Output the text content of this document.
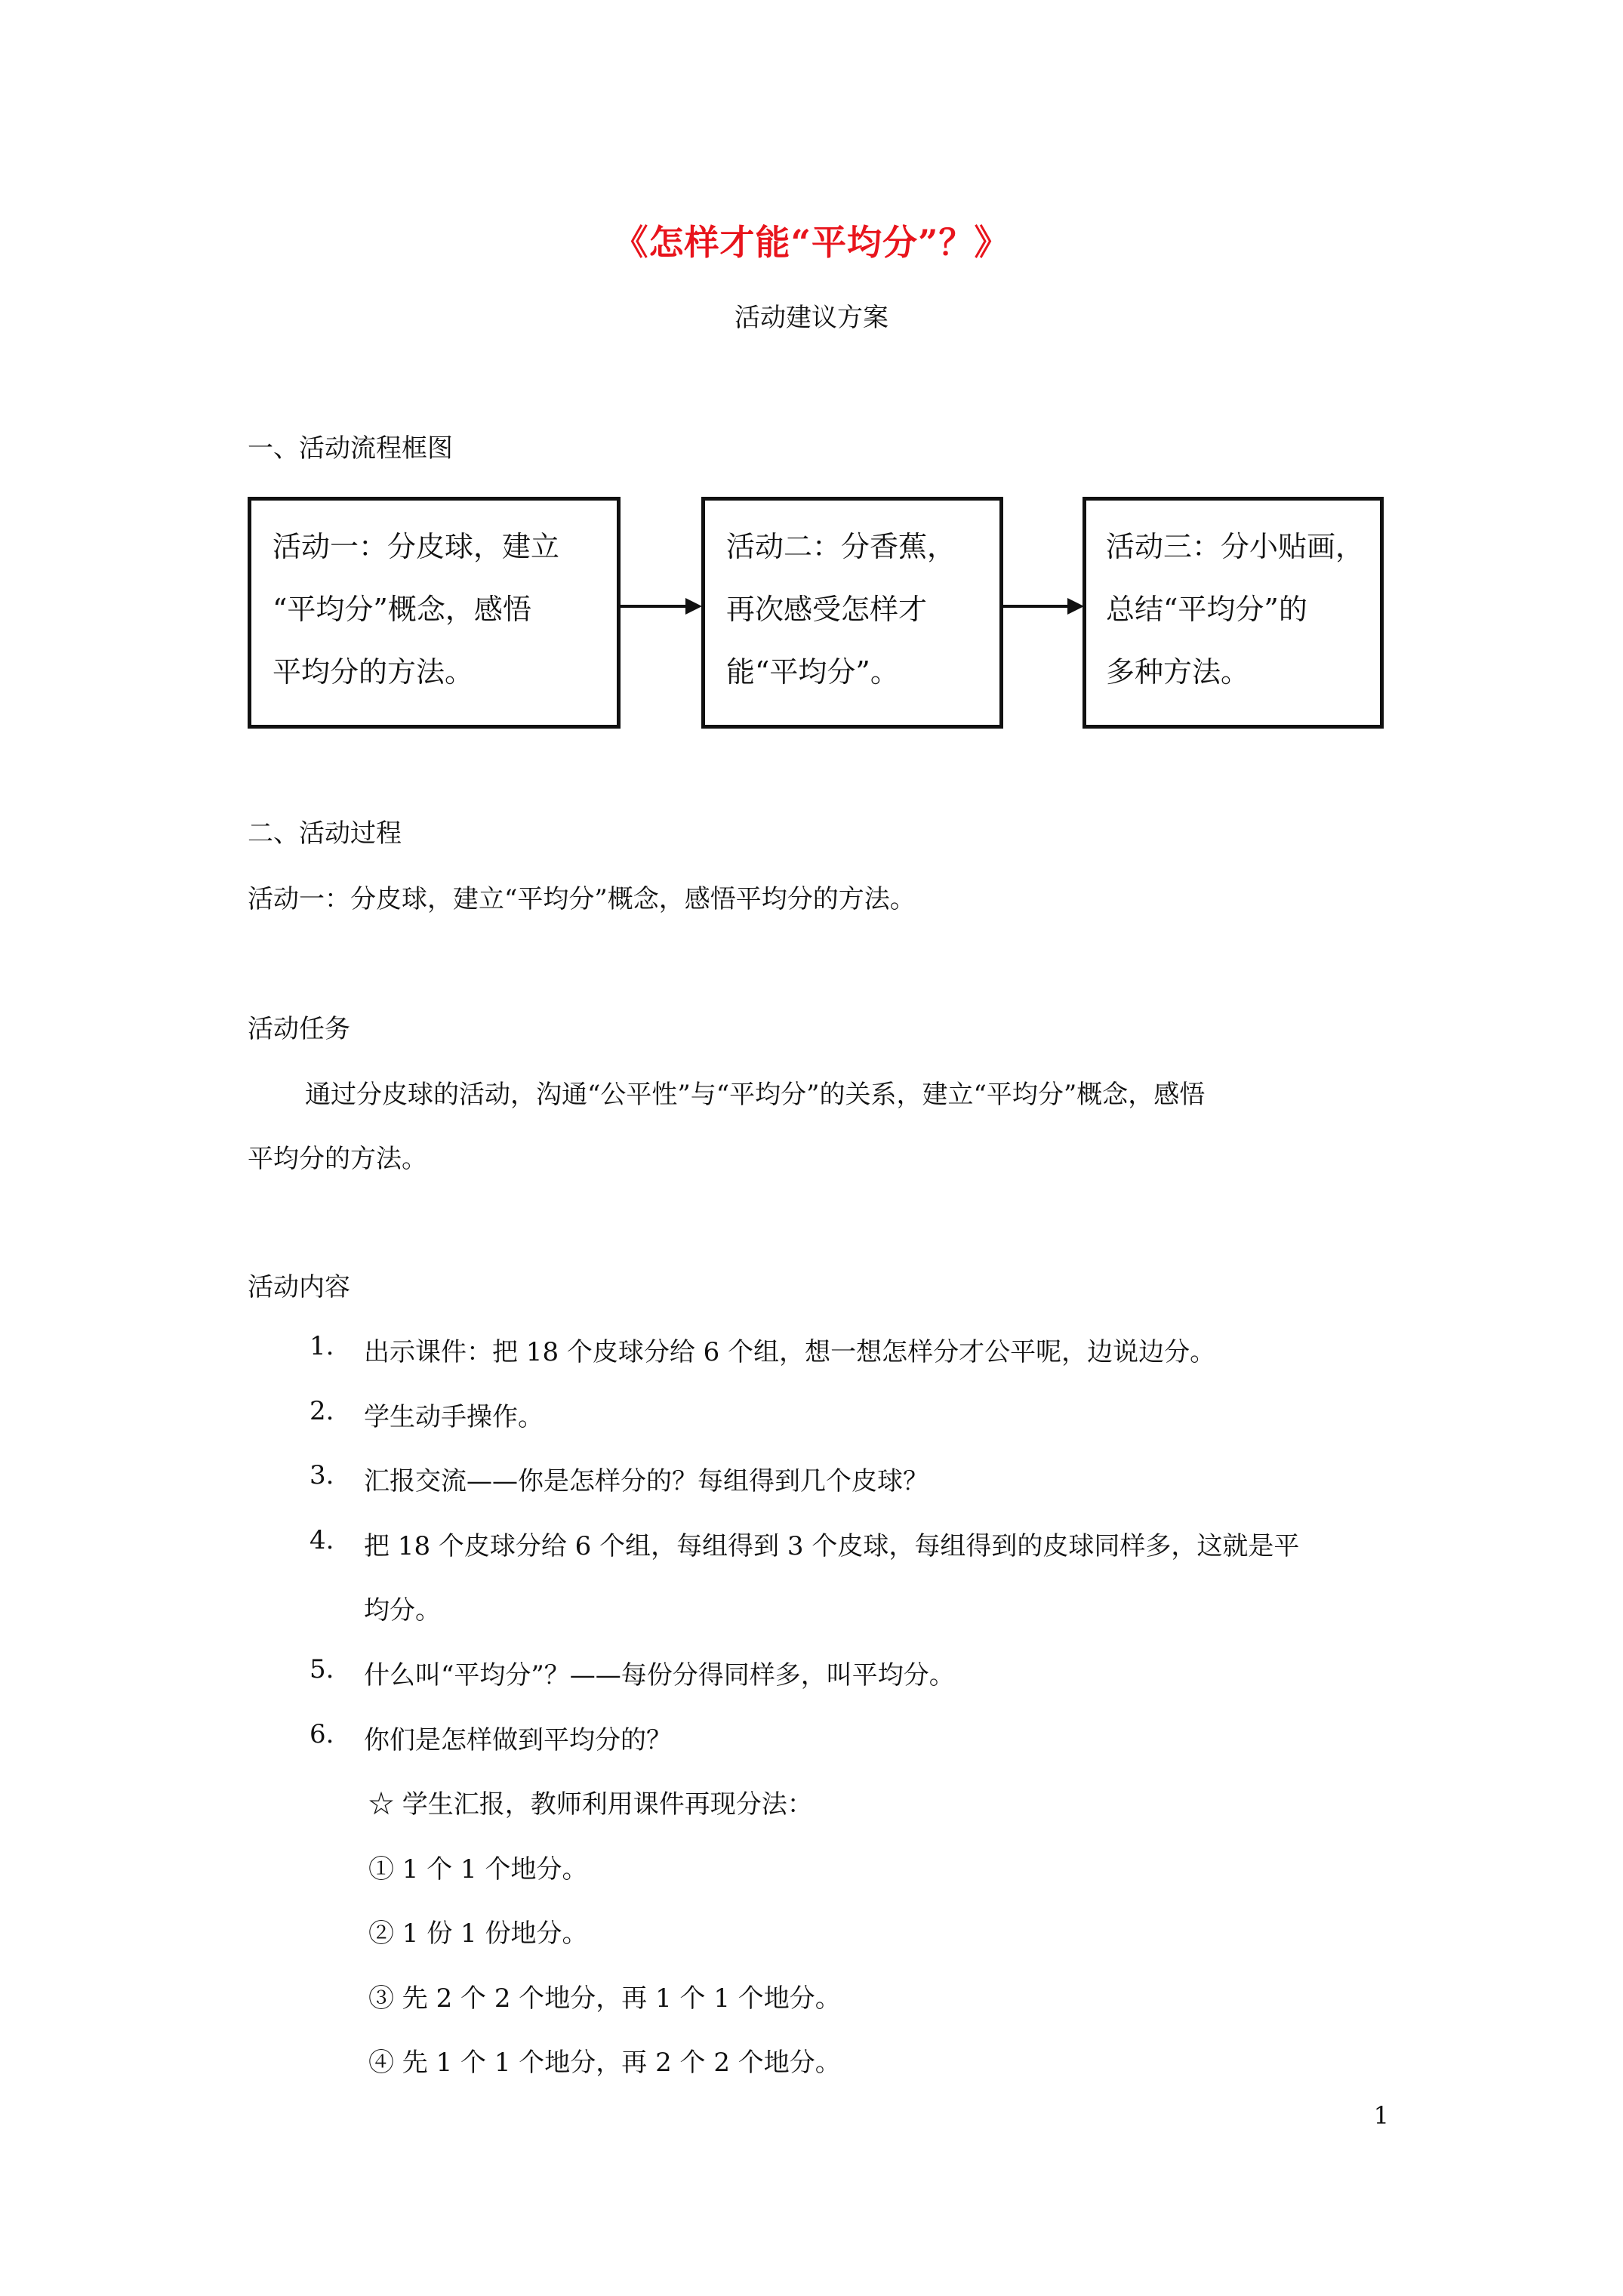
《怎样才能“平均分”？》
活动建议方案
一、活动流程框图
活动一：分皮球，建立
“平均分”概念，感悟
平均分的方法。
活动二：分香蕉，
再次感受怎样才
能“平均分”。
活动三：分小贴画，
总结“平均分”的
多种方法。
二、活动过程
活动一：分皮球，建立“平均分”概念，感悟平均分的方法。
活动任务
通过分皮球的活动，沟通“公平性”与“平均分”的关系，建立“平均分”概念，感悟
平均分的方法。
活动内容
1. 出示课件：把 18 个皮球分给 6 个组，想一想怎样分才公平呢，边说边分。
2. 学生动手操作。
3. 汇报交流——你是怎样分的？每组得到几个皮球？
4. 把 18 个皮球分给 6 个组，每组得到 3 个皮球，每组得到的皮球同样多，这就是平
均分。
5. 什么叫“平均分”？——每份分得同样多，叫平均分。
6. 你们是怎样做到平均分的？
☆ 学生汇报，教师利用课件再现分法：
① 1 个 1 个地分。
② 1 份 1 份地分。
③ 先 2 个 2 个地分，再 1 个 1 个地分。
④ 先 1 个 1 个地分，再 2 个 2 个地分。
1
